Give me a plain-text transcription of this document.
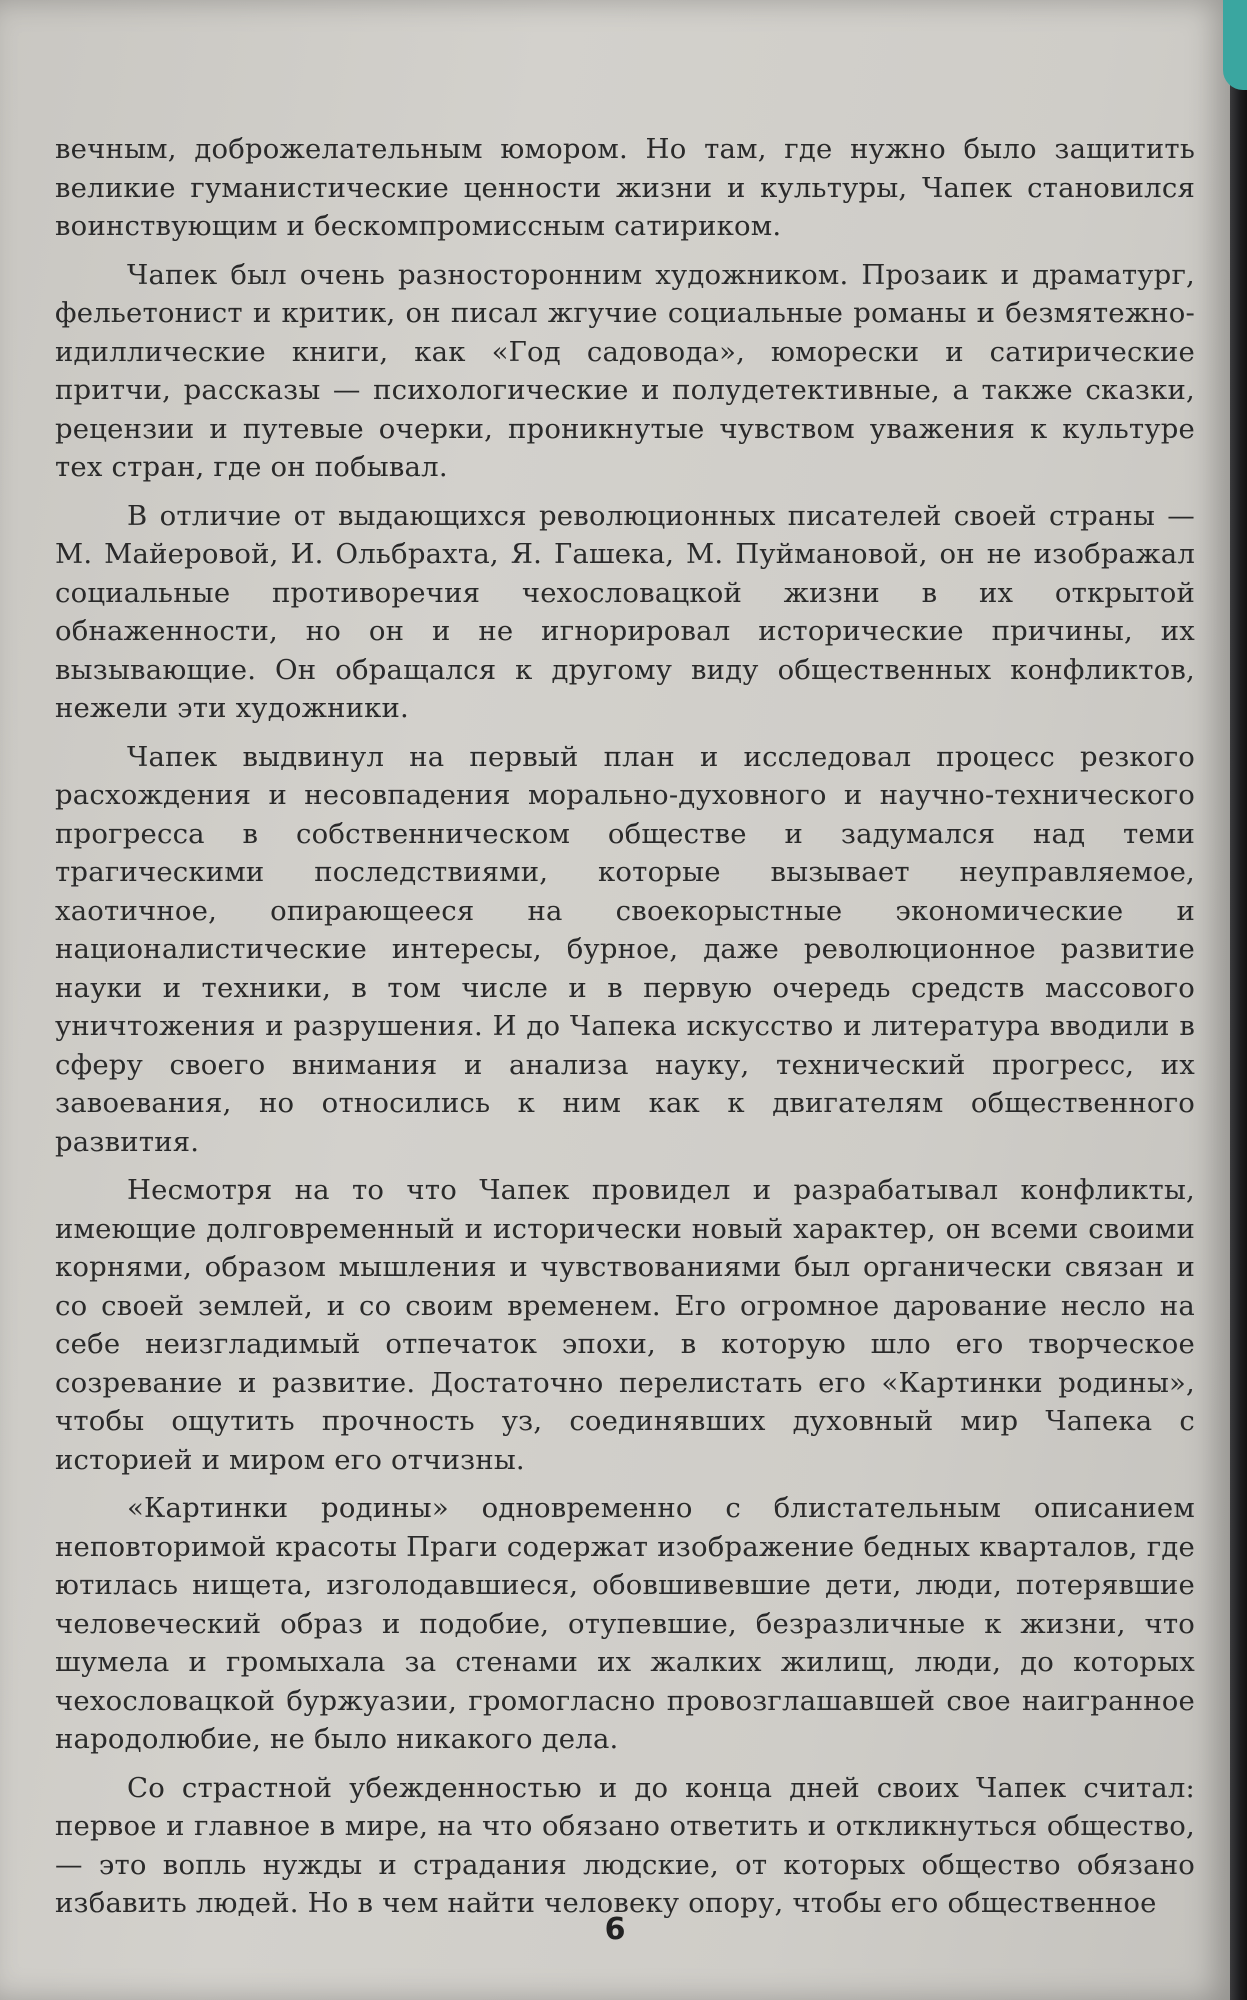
вечным, доброжелательным юмором. Но там, где нужно было защитить великие гуманистические ценности жизни и культуры, Чапек становился воинствующим и бескомпромиссным сатириком.

Чапек был очень разносторонним художником. Прозаик и драматург, фельетонист и критик, он писал жгучие социальные романы и безмятежно-идиллические книги, как «Год садовода», юморески и сатирические притчи, рассказы — психологические и полудетективные, а также сказки, рецензии и путевые очерки, проникнутые чувством уважения к культуре тех стран, где он побывал.

В отличие от выдающихся революционных писателей своей страны — М. Майеровой, И. Ольбрахта, Я. Гашека, М. Пуймановой, он не изображал социальные противоречия чехословацкой жизни в их открытой обнаженности, но он и не игнорировал исторические причины, их вызывающие. Он обращался к другому виду общественных конфликтов, нежели эти художники.

Чапек выдвинул на первый план и исследовал процесс резкого расхождения и несовпадения морально-духовного и научно-технического прогресса в собственническом обществе и задумался над теми трагическими последствиями, которые вызывает неуправляемое, хаотичное, опирающееся на своекорыстные экономические и националистические интересы, бурное, даже революционное развитие науки и техники, в том числе и в первую очередь средств массового уничтожения и разрушения. И до Чапека искусство и литература вводили в сферу своего внимания и анализа науку, технический прогресс, их завоевания, но относились к ним как к двигателям общественного развития.

Несмотря на то что Чапек провидел и разрабатывал конфликты, имеющие долговременный и исторически новый характер, он всеми своими корнями, образом мышления и чувствованиями был органически связан и со своей землей, и со своим временем. Его огромное дарование несло на себе неизгладимый отпечаток эпохи, в которую шло его творческое созревание и развитие. Достаточно перелистать его «Картинки родины», чтобы ощутить прочность уз, соединявших духовный мир Чапека с историей и миром его отчизны.

«Картинки родины» одновременно с блистательным описанием неповторимой красоты Праги содержат изображение бедных кварталов, где ютилась нищета, изголодавшиеся, обовшивевшие дети, люди, потерявшие человеческий образ и подобие, отупевшие, безразличные к жизни, что шумела и громыхала за стенами их жалких жилищ, люди, до которых чехословацкой буржуазии, громогласно провозглашавшей свое наигранное народолюбие, не было никакого дела.

Со страстной убежденностью и до конца дней своих Чапек считал: первое и главное в мире, на что обязано ответить и откликнуться общество,— это вопль нужды и страдания людские, от которых общество обязано избавить людей. Но в чем найти человеку опору, чтобы его общественное

6
